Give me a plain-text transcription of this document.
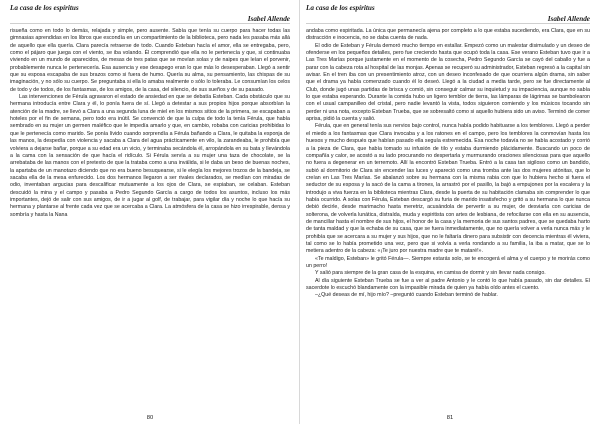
La casa de los espíritus
Isabel Allende

risueña como en todo lo demás, relajada y simple, pero ausente. Sabía que tenía su cuerpo para hacer todas las gimnasias aprendidas en los libros que escondía en un compartimiento de la biblioteca, pero nada les pasaba más allá de aquello que ella quería. Clara parecía retraerse de todo. Cuando Esteban hacía el amor, ella se entregaba, pero, como el pájaro que juega con el viento, se iba volando. Él comprendió que ella no le pertenecía y que, si continuaba viviendo en un mundo de aparecidos, de mesas de tres patas que se movían solas y de naipes que leían el porvenir, probablemente nunca le pertenecería. Esa ausencia y ese desapego eran lo que más lo desesperaban. Llegó a sentir que su esposa escapaba de sus brazos como si fuera de humo. Quería su alma, su pensamiento, las chispas de su imaginación, y no sólo su cuerpo. Se preguntaba si ella lo amaba realmente o sólo lo toleraba. Le consumían los celos de todo y de todos, de los fantasmas, de los amigos, de la casa, del silencio, de sus sueños y de su pasado.

Las intervenciones de Férula agravaron el estado de ansiedad en que se debatía Esteban. Cada obstáculo que su hermana introducía entre Clara y él, lo ponía fuera de sí. Llegó a detestar a sus propios hijos porque absorbían la atención de la madre, se llevó a Clara a una segunda luna de miel en los mismos sitios de la primera, se escapaban a hoteles por el fin de semana, pero todo era inútil. Se convenció de que la culpa de todo la tenía Férula, que había sembrado en su mujer un germen maléfico que le impedía amarlo y que, en cambio, robaba con caricias prohibidas lo que le pertenecía como marido. Se ponía lívido cuando sorprendía a Férula bañando a Clara, le quitaba la esponja de las manos, la despedía con violencia y sacaba a Clara del agua prácticamente en vilo, la zarandeaba, le prohibía que volviera a dejarse bañar, porque a su edad era un vicio, y terminaba secándola él, arropándola en su bata y llevándola a la cama con la sensación de que hacía el ridículo. Si Férula servía a su mujer una taza de chocolate, se la arrebataba de las manos con el pretexto de que la trataba como a una inválida, si le daba un beso de buenas noches, la apartaba de un manotazo diciendo que no era bueno besuquearse, si le elegía los mejores trozos de la bandeja, se sacaba ella de la mesa enfurecido. Los dos hermanos llegaron a ser rivales declarados, se medían con miradas de odio, inventaban argucias para descalificar mutuamente a los ojos de Clara, se espiaban, se celaban. Esteban descuidó la mina y el campo y pasaba a Pedro Segundo García a cargo de todos los asuntos, incluso los más importantes, dejó de salir con sus amigos, de ir a jugar al golf, de trabajar, para vigilar día y noche lo que hacía su hermana y plantarse al frente cada vez que se acercaba a Clara. La atmósfera de la casa se hizo irrespirable, densa y sombría y hasta la Nana

80
La casa de los espíritus
Isabel Allende

andaba como espiritada. La única que permanecía ajena por completo a lo que estaba sucediendo, era Clara, que en su distracción e inocencia, no se daba cuenta de nada.

El odio de Esteban y Férula demoró mucho tiempo en estallar. Empezó como un malestar disimulado y un deseo de ofenderse en los pequeños detalles, pero fue creciendo hasta que ocupó toda la casa. Ese verano Esteban tuvo que ir a Las Tres Marías porque justamente en el momento de la cosecha, Pedro Segundo García se cayó del caballo y fue a parar con la cabeza rota al hospital de las monjas. Apenas se recuperó su administrador, Esteban regresó a la capital sin avisar. En el tren iba con un presentimiento atroz, con un deseo inconfesado de que ocurriera algún drama, sin saber que el drama ya había comenzado cuando él lo deseó. Llegó a la ciudad a media tarde, pero se fue directamente al Club, donde jugó unas partidas de brisca y comió, sin conseguir calmar su inquietud y su impaciencia, aunque no sabía lo que estaba esperando. Durante la comida hubo un ligero temblor de tierra, las lámparas de lágrimas se bambolearon con el usual campanilleo del cristal, pero nadie levantó la vista, todos siguieron comiendo y los músicos tocando sin perder ni una nota, excepto Esteban Trueba, que se sobresaltó como si aquello hubiera sido un aviso. Terminó de comer aprisa, pidió la cuenta y salió.

Férula, que en general tenía sus nervios bajo control, nunca había podido habituarse a los temblores. Llegó a perder el miedo a los fantasmas que Clara invocaba y a los ratones en el campo, pero los temblores la conmovían hasta los huesos y mucho después que habían pasado ella seguía estremecida. Esa noche todavía no se había acostado y corrió a la pieza de Clara, que había tomado su infusión de tilo y estaba durmiendo plácidamente. Buscando un poco de compañía y calor, se acostó a su lado procurando no despertarla y murmurando oraciones silenciosas para que aquello no fuera a degenerar en un terremoto. Allí la encontró Esteban Trueba. Entró a la casa tan sigiloso como un bandido, subió al dormitorio de Clara sin encender las luces y apareció como una tromba ante las dos mujeres atónitas, que lo creían en Las Tres Marías. Se abalanzó sobre su hermana con la misma rabia con que lo hubiera hecho si fuera el seductor de su esposa y la sacó de la cama a tirones, la arrastró por el pasillo, la bajó a empujones por la escalera y la introdujo a viva fuerza en la biblioteca mientras Clara, desde la puerta de su habitación clamaba sin comprender lo que había ocurrido. A solas con Férula, Esteban descargó su furia de marido insatisfecho y gritó a su hermana lo que nunca debió decirle, desde marimacho hasta meretriz, acusándola de pervertir a su mujer, de desviarla con caricias de solterona, de volverla lunática, distraída, muda y espiritista con artes de lesbiana, de refocilarse con ella en su ausencia, de mancillar hasta el nombre de sus hijos, el honor de la casa y la memoria de sus santos padres, que se quedaba harto de tanta maldad y que la echaba de su casa, que se fuera inmediatamente, que no quería volver a verla nunca más y le prohibía que se acercara a su mujer y sus hijos, que no le faltaría dinero para subsistir con decencia mientras él viviera, tal como se lo había prometido una vez, pero que si volvía a verla rondando a su familia, la iba a matar, que se lo metiera adentro de la cabeza: «¡Te juro por nuestra madre que te mataré!».

«Te maldigo, Esteban» le gritó Férula—. Siempre estarás solo, se te encogerá el alma y el cuerpo y te morirás como un perro!

Y salió para siempre de la gran casa de la esquina, en camisa de dormir y sin llevar nada consigo.

Al día siguiente Esteban Trueba se fue a ver al padre Antonio y le contó lo que había pasado, sin dar detalles. El sacerdote lo escuchó blandamente con la impasible mirada de quien ya había oído antes el cuento.

–¿Qué deseas de mí, hijo mío? –preguntó cuando Esteban terminó de hablar.

81
